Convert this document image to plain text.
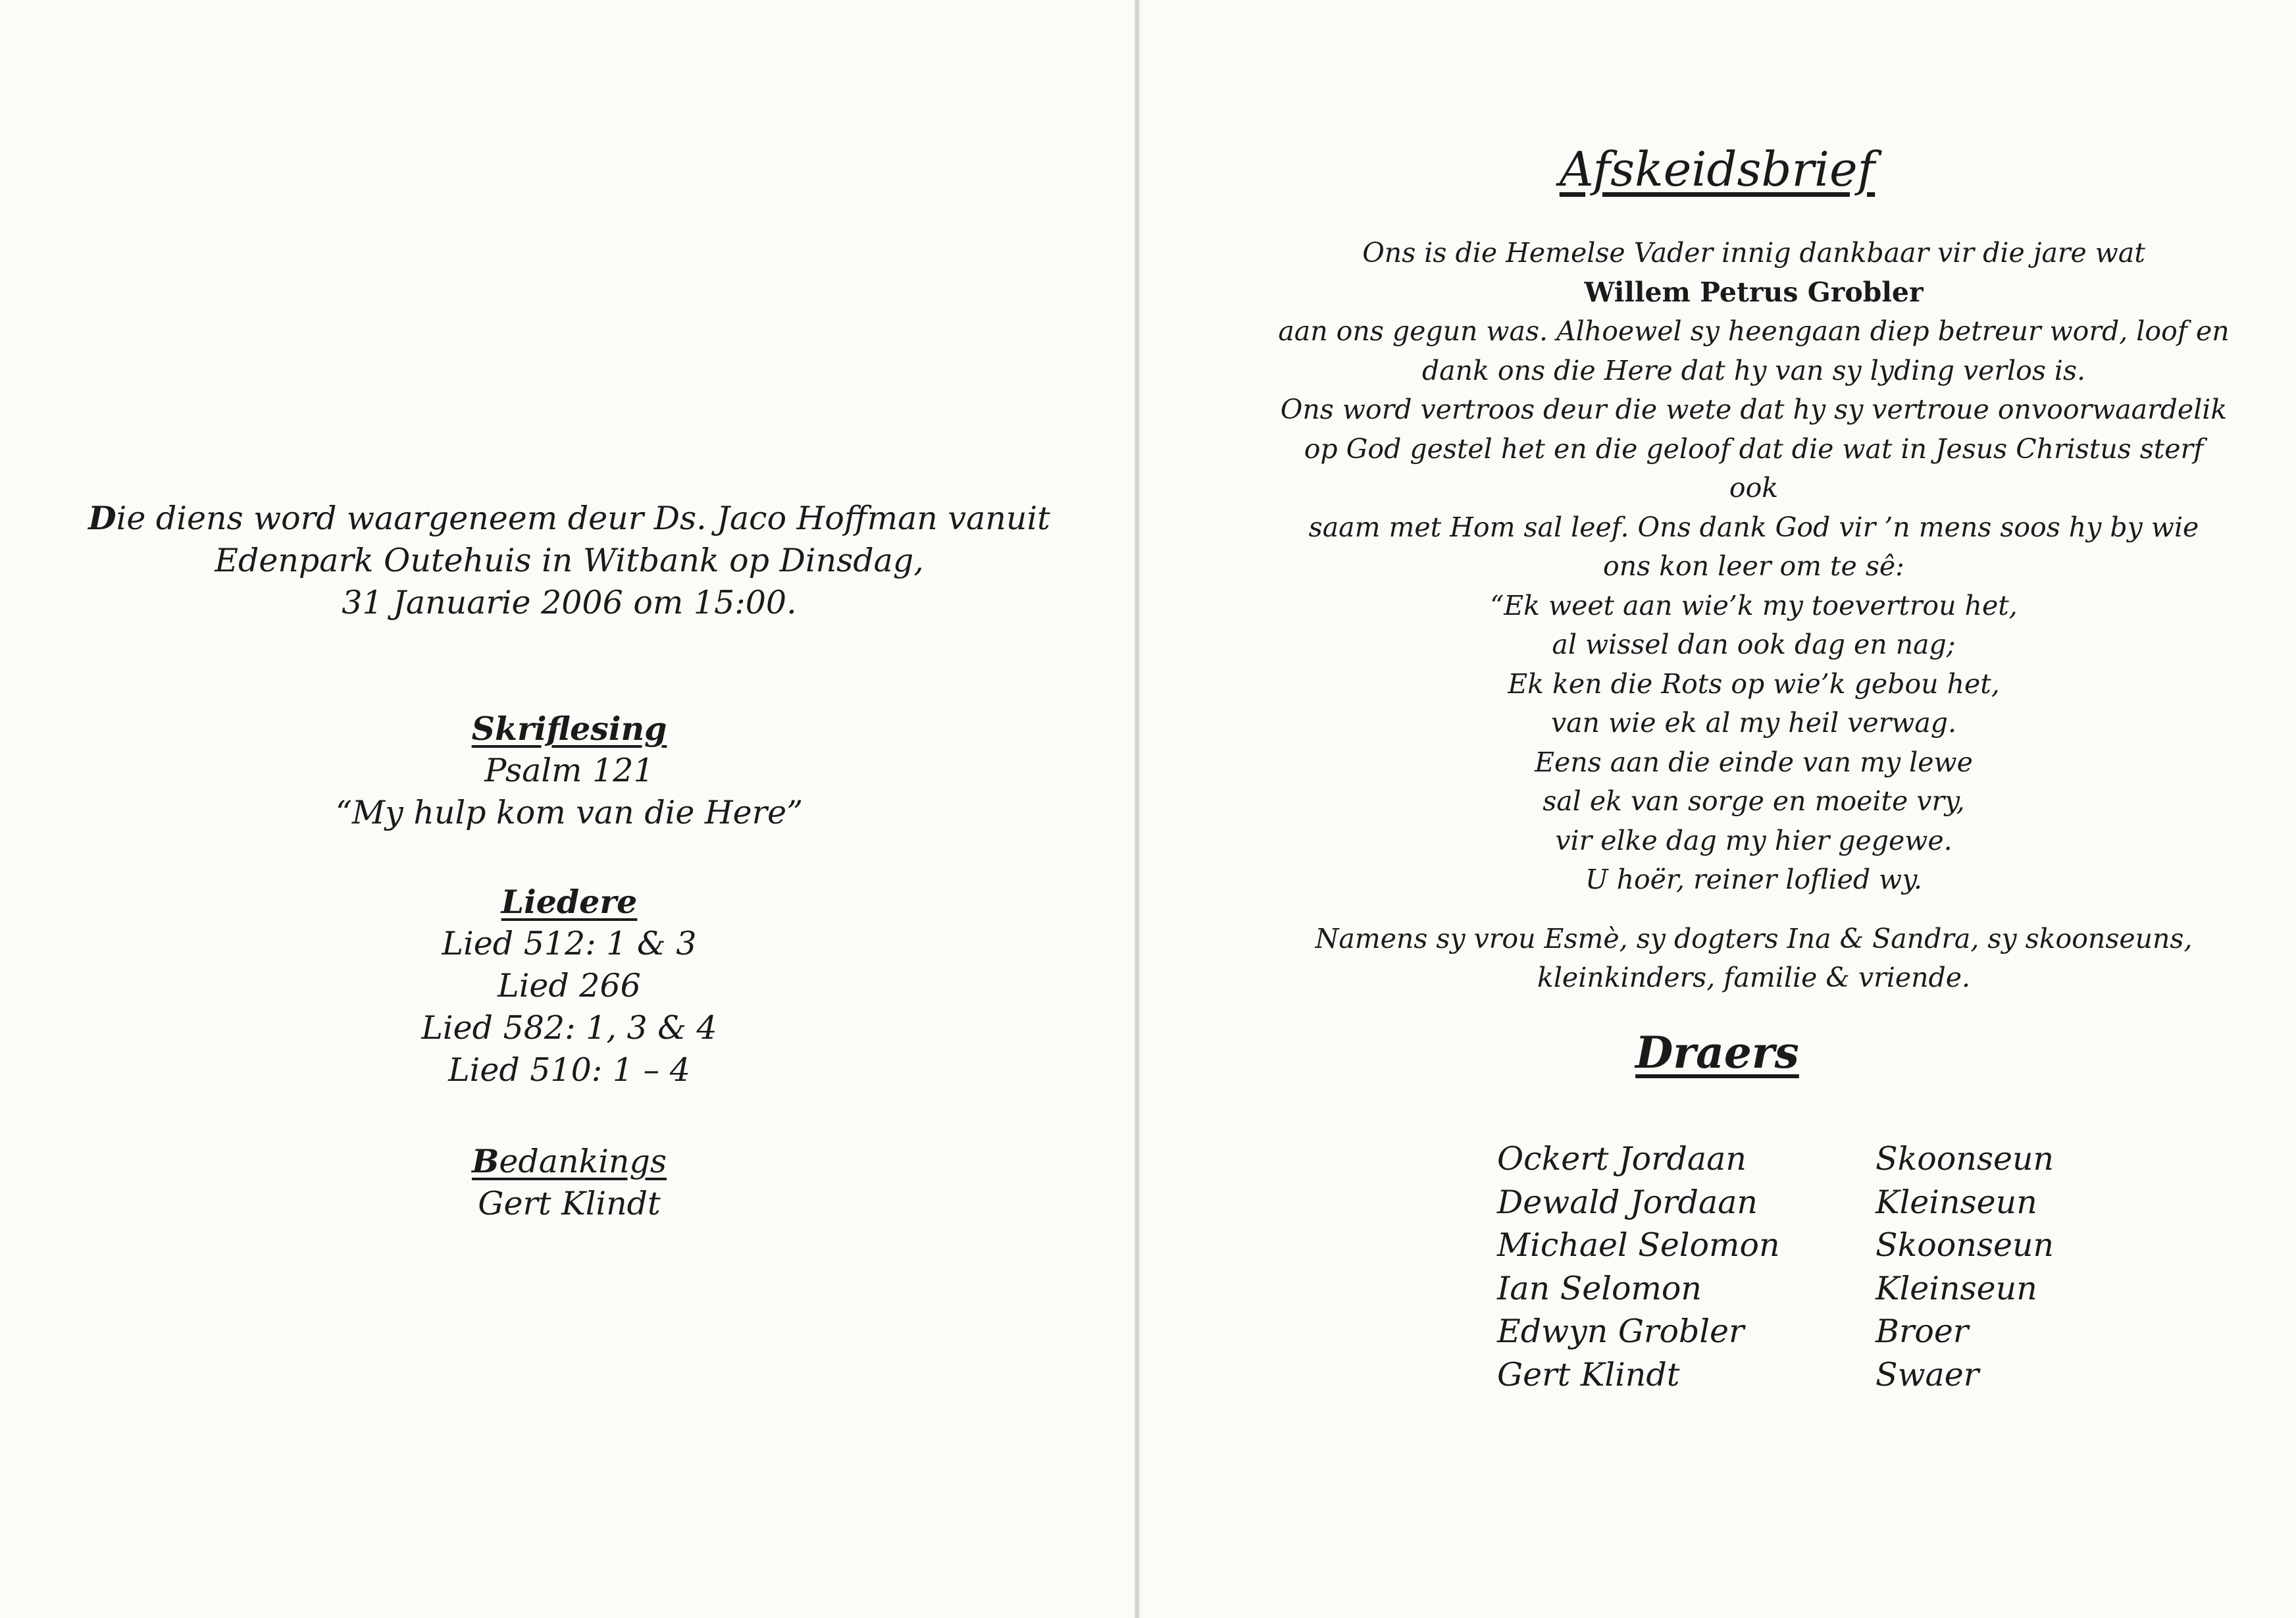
Die diens word waargeneem deur Ds. Jaco Hoffman vanuit
Edenpark Outehuis in Witbank op Dinsdag,
31 Januarie 2006 om 15:00.
Skriflesing
Psalm 121
“My hulp kom van die Here”
Liedere
Lied 512: 1 & 3
Lied 266
Lied 582: 1, 3 & 4
Lied 510: 1 – 4
Bedankings
Gert Klindt
Afskeidsbrief
Ons is die Hemelse Vader innig dankbaar vir die jare wat
Willem Petrus Grobler
aan ons gegun was. Alhoewel sy heengaan diep betreur word, loof en
dank ons die Here dat hy van sy lyding verlos is.
Ons word vertroos deur die wete dat hy sy vertroue onvoorwaardelik
op God gestel het en die geloof dat die wat in Jesus Christus sterf ook
saam met Hom sal leef. Ons dank God vir ’n mens soos hy by wie
ons kon leer om te sê:
“Ek weet aan wie’k my toevertrou het,
al wissel dan ook dag en nag;
Ek ken die Rots op wie’k gebou het,
van wie ek al my heil verwag.
Eens aan die einde van my lewe
sal ek van sorge en moeite vry,
vir elke dag my hier gegewe.
U hoër, reiner loflied wy.
Namens sy vrou Esmè, sy dogters Ina & Sandra, sy skoonseuns,
kleinkinders, familie & vriende.
Draers
Ockert Jordaan	Skoonseun
Dewald Jordaan	Kleinseun
Michael Selomon	Skoonseun
Ian Selomon	Kleinseun
Edwyn Grobler	Broer
Gert Klindt	Swaer
